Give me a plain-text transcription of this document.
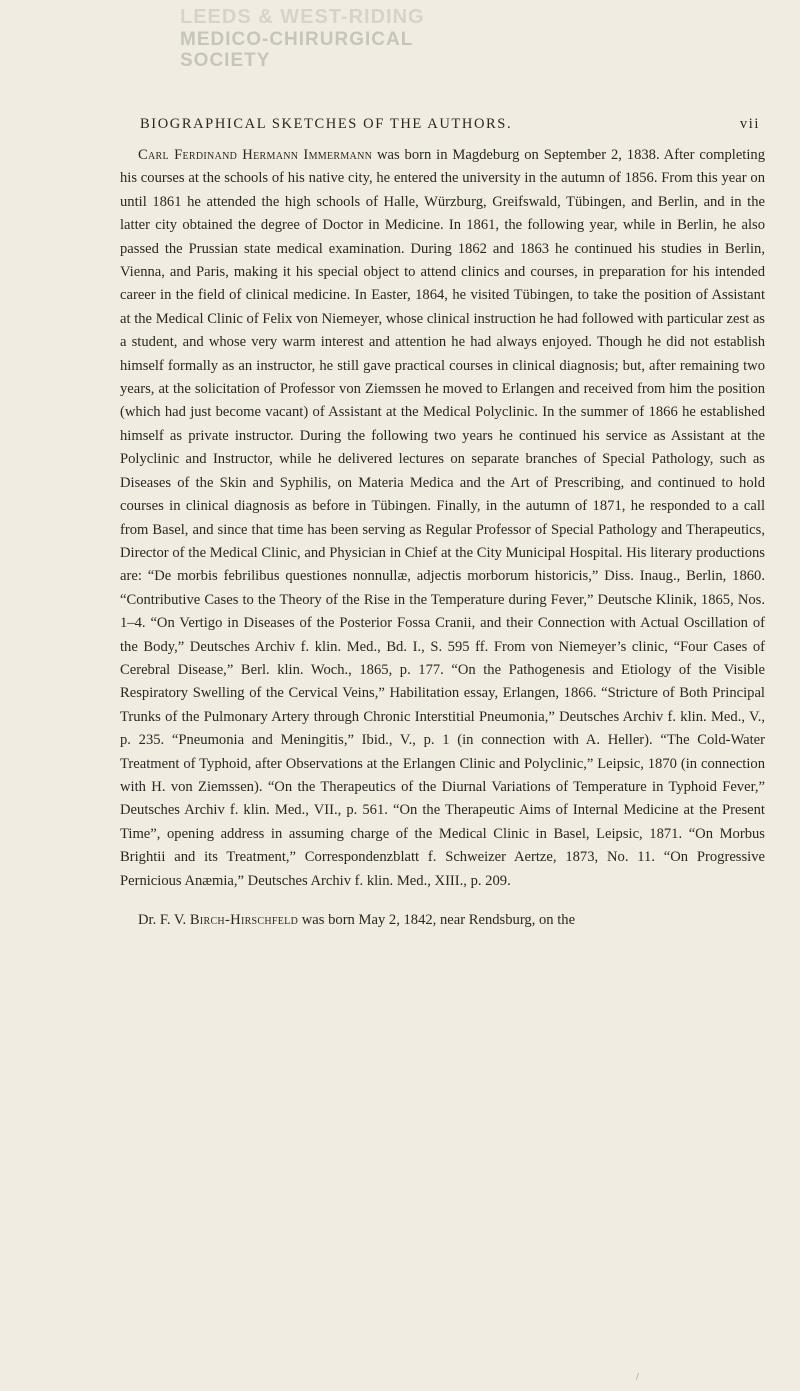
LEEDS & WEST-RIDING
MEDICO-CHIRURGICAL SOCIETY
BIOGRAPHICAL SKETCHES OF THE AUTHORS.	vii

Carl Ferdinand Hermann Immermann was born in Magdeburg on September 2, 1838. After completing his courses at the schools of his native city, he entered the university in the autumn of 1856. From this year on until 1861 he attended the high schools of Halle, Würzburg, Greifswald, Tübingen, and Berlin, and in the latter city obtained the degree of Doctor in Medicine. In 1861, the following year, while in Berlin, he also passed the Prussian state medical examination. During 1862 and 1863 he continued his studies in Berlin, Vienna, and Paris, making it his special object to attend clinics and courses, in preparation for his intended career in the field of clinical medicine. In Easter, 1864, he visited Tübingen, to take the position of Assistant at the Medical Clinic of Felix von Niemeyer, whose clinical instruction he had followed with particular zest as a student, and whose very warm interest and attention he had always enjoyed. Though he did not establish himself formally as an instructor, he still gave practical courses in clinical diagnosis; but, after remaining two years, at the solicitation of Professor von Ziemssen he moved to Erlangen and received from him the position (which had just become vacant) of Assistant at the Medical Polyclinic. In the summer of 1866 he established himself as private instructor. During the following two years he continued his service as Assistant at the Polyclinic and Instructor, while he delivered lectures on separate branches of Special Pathology, such as Diseases of the Skin and Syphilis, on Materia Medica and the Art of Prescribing, and continued to hold courses in clinical diagnosis as before in Tübingen. Finally, in the autumn of 1871, he responded to a call from Basel, and since that time has been serving as Regular Professor of Special Pathology and Therapeutics, Director of the Medical Clinic, and Physician in Chief at the City Municipal Hospital. His literary productions are: “De morbis febrilibus questiones nonnullæ, adjectis morborum historicis,” Diss. Inaug., Berlin, 1860. “Contributive Cases to the Theory of the Rise in the Temperature during Fever,” Deutsche Klinik, 1865, Nos. 1–4. “On Vertigo in Diseases of the Posterior Fossa Cranii, and their Connection with Actual Oscillation of the Body,” Deutsches Archiv f. klin. Med., Bd. I., S. 595 ff. From von Niemeyer’s clinic, “Four Cases of Cerebral Disease,” Berl. klin. Woch., 1865, p. 177. “On the Pathogenesis and Etiology of the Visible Respiratory Swelling of the Cervical Veins,” Habilitation essay, Erlangen, 1866. “Stricture of Both Principal Trunks of the Pulmonary Artery through Chronic Interstitial Pneumonia,” Deutsches Archiv f. klin. Med., V., p. 235. “Pneumonia and Meningitis,” Ibid., V., p. 1 (in connection with A. Heller). “The Cold-Water Treatment of Typhoid, after Observations at the Erlangen Clinic and Polyclinic,” Leipsic, 1870 (in connection with H. von Ziemssen). “On the Therapeutics of the Diurnal Variations of Temperature in Typhoid Fever,” Deutsches Archiv f. klin. Med., VII., p. 561. “On the Therapeutic Aims of Internal Medicine at the Present Time”, opening address in assuming charge of the Medical Clinic in Basel, Leipsic, 1871. “On Morbus Brightii and its Treatment,” Correspondenzblatt f. Schweizer Aertze, 1873, No. 11. “On Progressive Pernicious Anæmia,” Deutsches Archiv f. klin. Med., XIII., p. 209.

Dr. F. V. Birch-Hirschfeld was born May 2, 1842, near Rendsburg, on the

/
